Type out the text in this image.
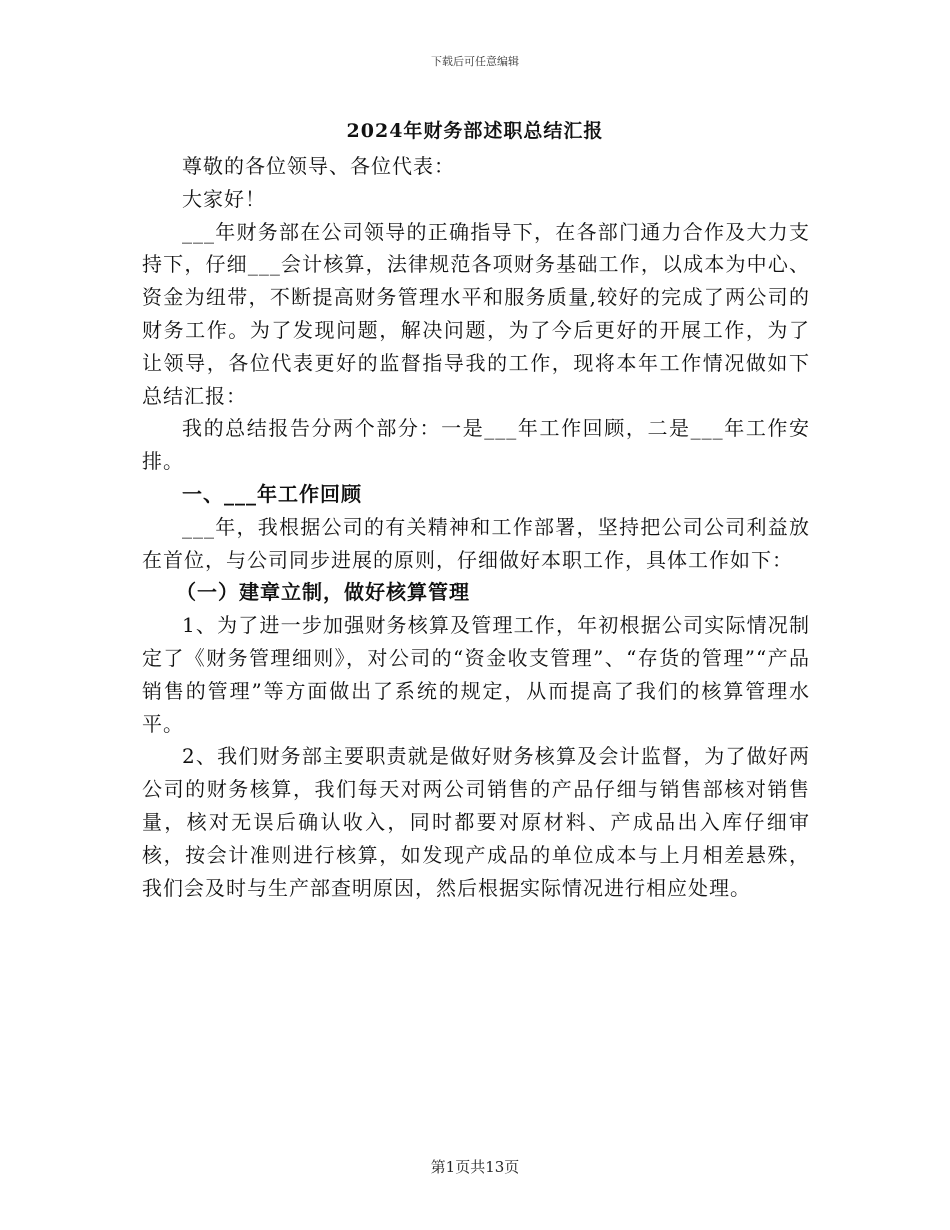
下载后可任意编辑
2024年财务部述职总结汇报

尊敬的各位领导、各位代表：

大家好！

___年财务部在公司领导的正确指导下，在各部门通力合作及大力支持下，仔细___会计核算，法律规范各项财务基础工作，以成本为中心、资金为纽带，不断提高财务管理水平和服务质量,较好的完成了两公司的财务工作。为了发现问题，解决问题，为了今后更好的开展工作，为了让领导，各位代表更好的监督指导我的工作，现将本年工作情况做如下总结汇报：

我的总结报告分两个部分：一是___年工作回顾，二是___年工作安排。

一、___年工作回顾

___年，我根据公司的有关精神和工作部署，坚持把公司公司利益放在首位，与公司同步进展的原则，仔细做好本职工作，具体工作如下：

（一）建章立制，做好核算管理

1、为了进一步加强财务核算及管理工作，年初根据公司实际情况制定了《财务管理细则》，对公司的“资金收支管理”、“存货的管理”“产品销售的管理”等方面做出了系统的规定，从而提高了我们的核算管理水平。

2、我们财务部主要职责就是做好财务核算及会计监督，为了做好两公司的财务核算，我们每天对两公司销售的产品仔细与销售部核对销售量，核对无误后确认收入，同时都要对原材料、产成品出入库仔细审核，按会计准则进行核算，如发现产成品的单位成本与上月相差悬殊，我们会及时与生产部查明原因，然后根据实际情况进行相应处理。

第1页共13页
